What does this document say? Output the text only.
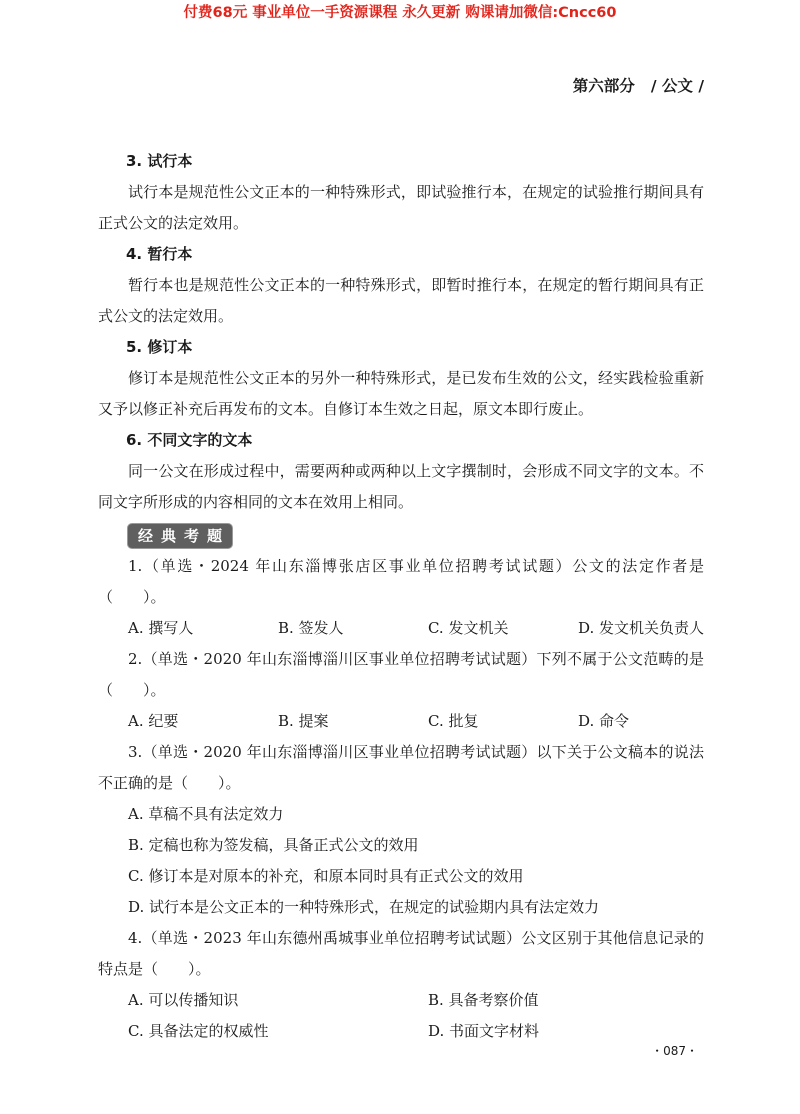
付费68元 事业单位一手资源课程 永久更新 购课请加微信:Cncc60
第六部分   / 公文 /
3. 试行本
试行本是规范性公文正本的一种特殊形式，即试验推行本，在规定的试验推行期间具有正式公文的法定效用。
4. 暂行本
暂行本也是规范性公文正本的一种特殊形式，即暂时推行本，在规定的暂行期间具有正式公文的法定效用。
5. 修订本
修订本是规范性公文正本的另外一种特殊形式，是已发布生效的公文，经实践检验重新又予以修正补充后再发布的文本。自修订本生效之日起，原文本即行废止。
6. 不同文字的文本
同一公文在形成过程中，需要两种或两种以上文字撰制时，会形成不同文字的文本。不同文字所形成的内容相同的文本在效用上相同。
经典考题
1.（单选・2024 年山东淄博张店区事业单位招聘考试试题）公文的法定作者是（　　）。
A. 撰写人	B. 签发人	C. 发文机关	D. 发文机关负责人
2.（单选・2020 年山东淄博淄川区事业单位招聘考试试题）下列不属于公文范畴的是（　　）。
A. 纪要	B. 提案	C. 批复	D. 命令
3.（单选・2020 年山东淄博淄川区事业单位招聘考试试题）以下关于公文稿本的说法不正确的是（　　）。
A. 草稿不具有法定效力
B. 定稿也称为签发稿，具备正式公文的效用
C. 修订本是对原本的补充，和原本同时具有正式公文的效用
D. 试行本是公文正本的一种特殊形式，在规定的试验期内具有法定效力
4.（单选・2023 年山东德州禹城事业单位招聘考试试题）公文区别于其他信息记录的特点是（　　）。
A. 可以传播知识	B. 具备考察价值
C. 具备法定的权威性	D. 书面文字材料
・087・
